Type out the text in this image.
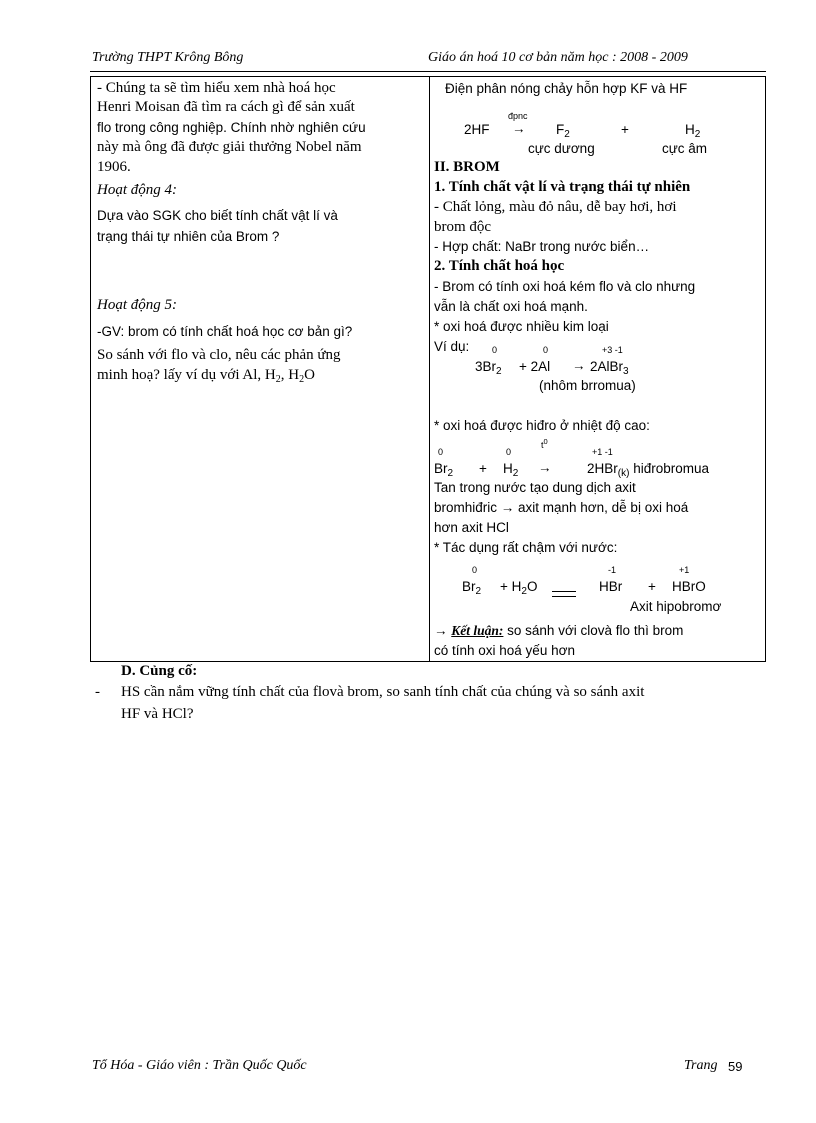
Trường THPT Krông Bông	Giáo án hoá 10 cơ bản năm học : 2008 - 2009
- Chúng ta sẽ tìm hiểu xem nhà hoá học
Henri Moisan đã tìm ra cách gì để sản xuất
flo trong công nghiệp. Chính nhờ nghiên cứu
này mà ông đã được giải thưởng Nobel năm
1906.
Hoạt động 4:
Dựa vào SGK cho biết tính chất vật lí và
trạng thái tự nhiên của Brom ?
Hoạt động 5:
-GV: brom có tính chất hoá học cơ bản gì?
So sánh với flo và clo, nêu các phản ứng
minh hoạ? lấy ví dụ với Al, $H_2$, $H_2O$
Điện phân nóng chảy hỗn hợp KF và HF
đpnc
$2HF \to F_2$	+	$H_2$
cực dương	cực âm
II. BROM
1. Tính chất vật lí và trạng thái tự nhiên
- Chất lỏng, màu đỏ nâu, dễ bay hơi, hơi
brom độc
- Hợp chất: NaBr trong nước biển…
2. Tính chất hoá học
- Brom có tính oxi hoá kém flo và clo nhưng
vẫn là chất oxi hoá mạnh.
* oxi hoá được nhiều kim loại
Ví dụ:	0	0	+3 -1
$3Br_2 + 2Al$ → 2AlBr$_3$
(nhôm brromua)
* oxi hoá được hiđro ở nhiệt độ cao:
0	0
$t^0$
+1 -1
$Br_2 + H_2$ →	2HBr$_{(k)}$ hiđrobromua
Tan trong nước tạo dung dịch axit
bromhiđric → axit mạnh hơn, dễ bị oxi hoá
hơn axit HCl
* Tác dụng rất chậm với nước:
0	-1	+1
$Br_2 + H_2O$	HBr + HBrO
Axit hipobromơ
→ Kết luận: so sánh với clovà flo thì brom
có tính oxi hoá yếu hơn
D. Củng cố:
- HS cần nắm vững tính chất của flovà brom, so sanh tính chất của chúng và so sánh axit
HF và HCl?
Tổ Hóa - Giáo viên : Trần Quốc Quốc	Trang 59
